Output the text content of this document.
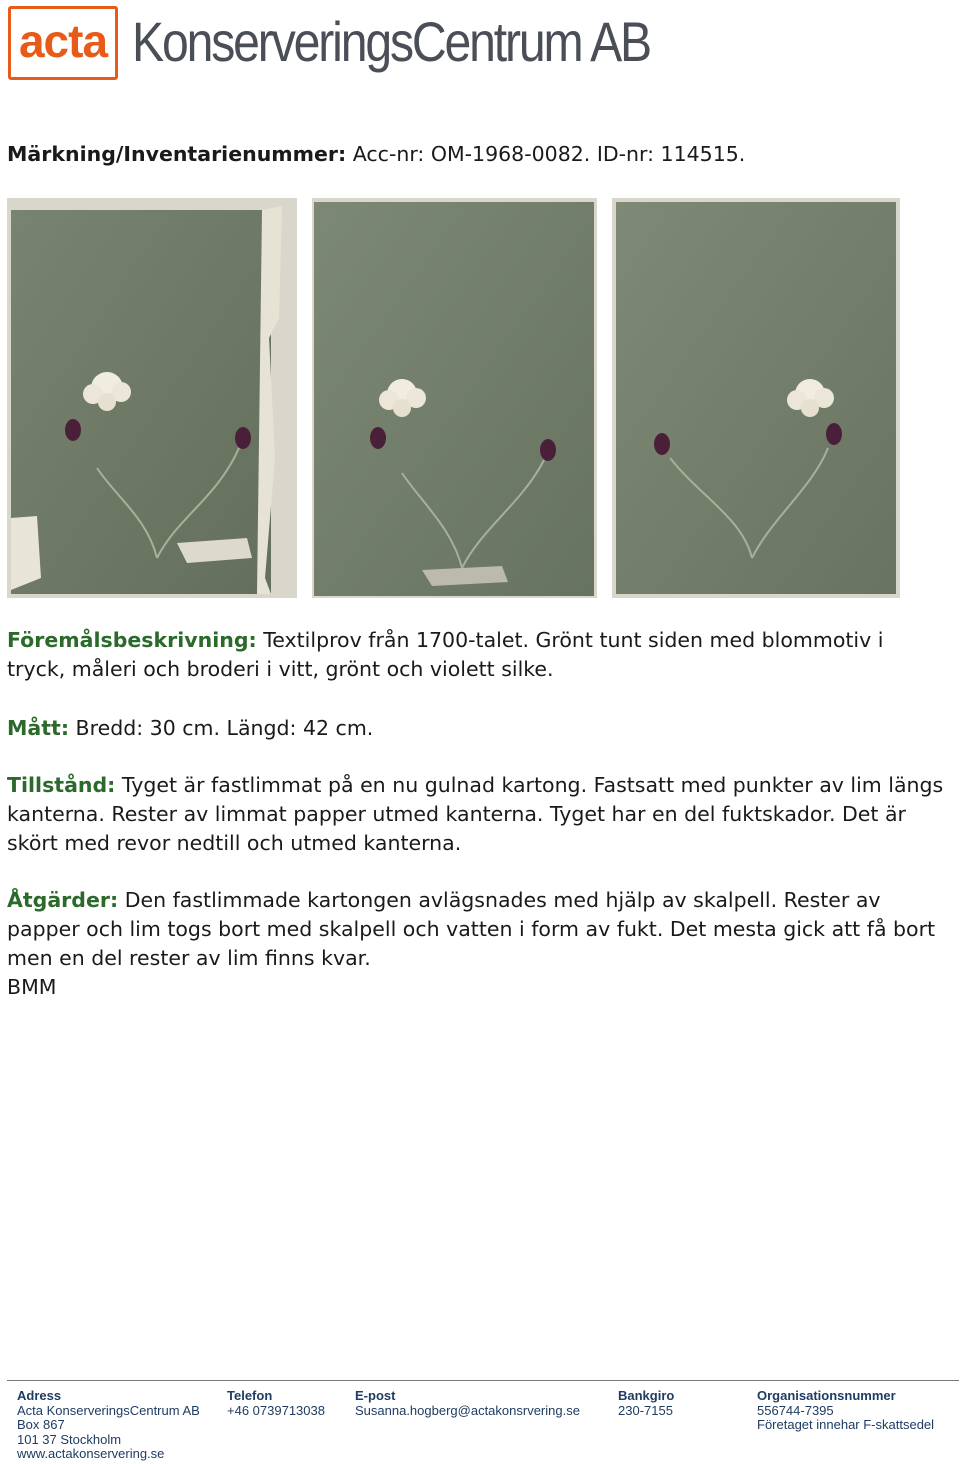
acta KonserveringsCentrum AB
Märkning/Inventarienummer: Acc-nr: OM-1968-0082. ID-nr: 114515.
Föremålsbeskrivning: Textilprov från 1700-talet. Grönt tunt siden med blommotiv i tryck, måleri och broderi i vitt, grönt och violett silke.
Mått: Bredd: 30 cm. Längd: 42 cm.
Tillstånd: Tyget är fastlimmat på en nu gulnad kartong. Fastsatt med punkter av lim längs kanterna. Rester av limmat papper utmed kanterna. Tyget har en del fuktskador. Det är skört med revor nedtill och utmed kanterna.
Åtgärder: Den fastlimmade kartongen avlägsnades med hjälp av skalpell. Rester av papper och lim togs bort med skalpell och vatten i form av fukt. Det mesta gick att få bort men en del rester av lim finns kvar.
BMM
Adress
Acta KonserveringsCentrum AB
Box 867
101 37 Stockholm
www.actakonservering.se
Telefon
+46 0739713038
E-post
Susanna.hogberg@actakonsrvering.se
Bankgiro
230-7155
Organisationsnummer
556744-7395
Företaget innehar F-skattsedel
